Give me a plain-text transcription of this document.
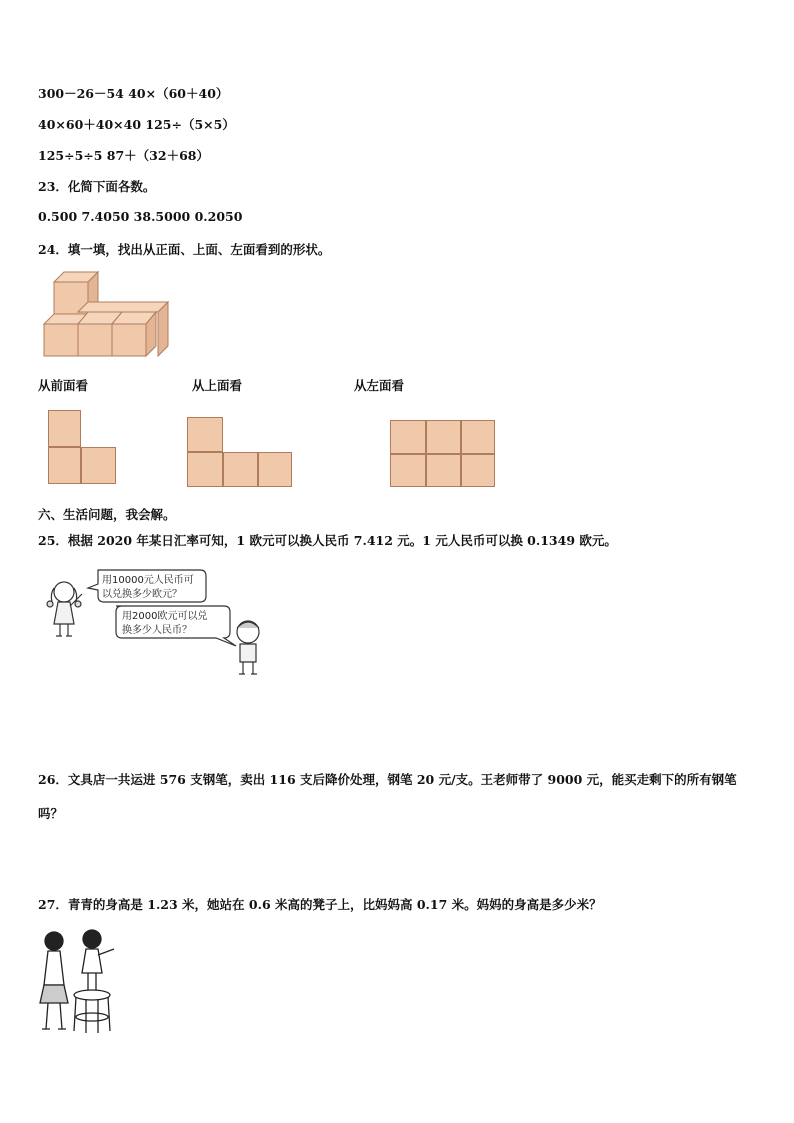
300－26－54 40×（60＋40）
40×60＋40×40 125÷（5×5）
125÷5÷5 87＋（32＋68）
23．化简下面各数。
0.500 7.4050 38.5000 0.2050
24．填一填，找出从正面、上面、左面看到的形状。
从前面看	从上面看	从左面看
六、生活问题，我会解。
25．根据 2020 年某日汇率可知，1 欧元可以换人民币 7.412 元。1 元人民币可以换 0.1349 欧元。
用10000元人民币可
以兑换多少欧元？
用2000欧元可以兑
换多少人民币？
26．文具店一共运进 576 支钢笔，卖出 116 支后降价处理，钢笔 20 元/支。王老师带了 9000 元，能买走剩下的所有钢笔吗？
27．青青的身高是 1.23 米，她站在 0.6 米高的凳子上，比妈妈高 0.17 米。妈妈的身高是多少米？
